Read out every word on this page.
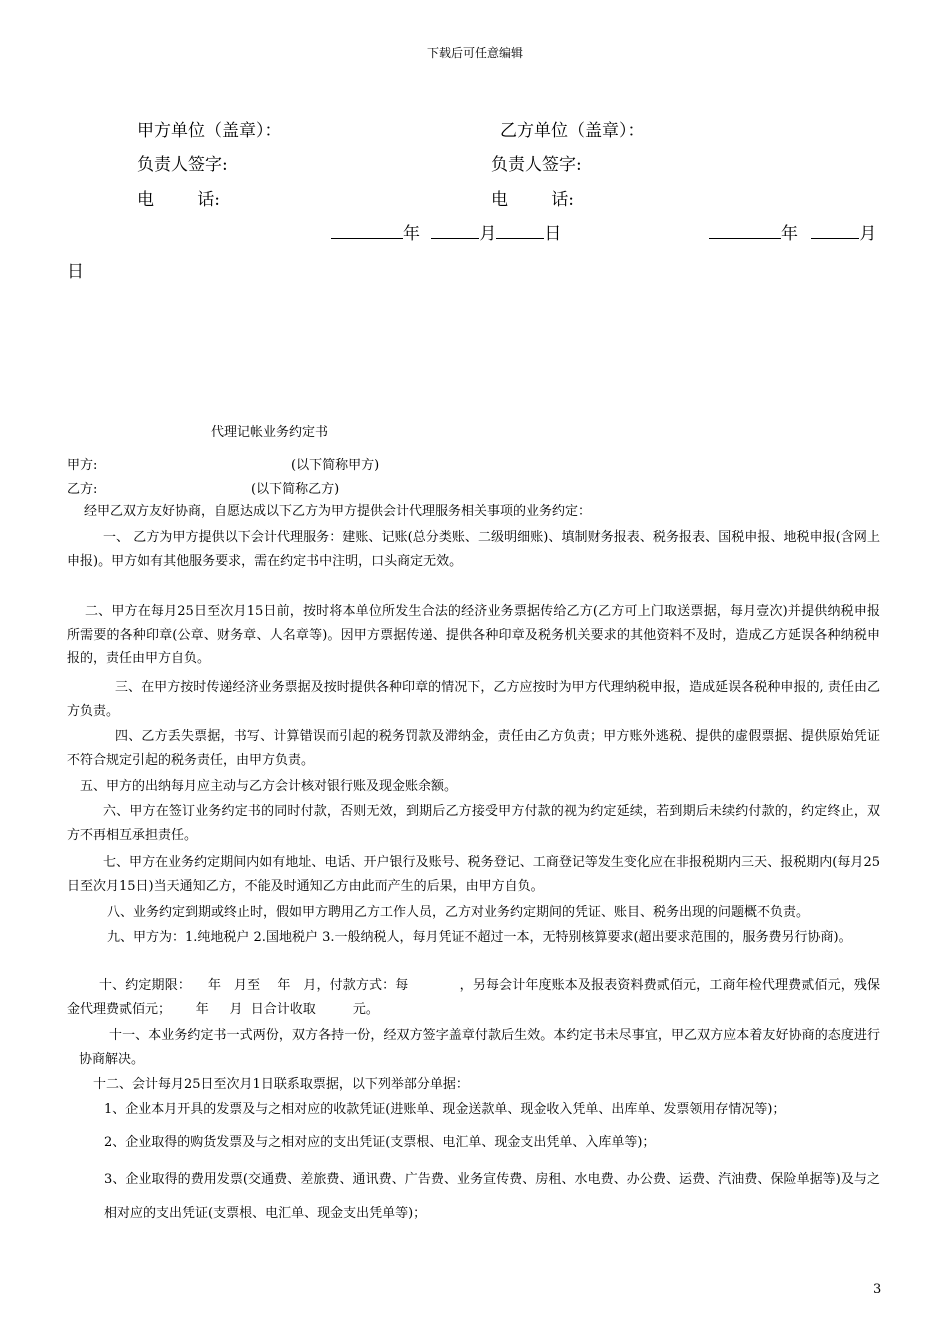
下载后可任意编辑
甲方单位（盖章）：	乙方单位（盖章）：
负责人签字:	负责人签字:
电        话:	电        话:
年	月	日	年	月
日
代理记帐业务约定书
甲方:	(以下简称甲方)
乙方:	(以下简称乙方)
经甲乙双方友好协商，自愿达成以下乙方为甲方提供会计代理服务相关事项的业务约定：
一、 乙方为甲方提供以下会计代理服务：建账、记账(总分类账、二级明细账)、填制财务报表、税务报表、国税申报、地税申报(含网上申报)。甲方如有其他服务要求，需在约定书中注明，口头商定无效。
二、甲方在每月25日至次月15日前，按时将本单位所发生合法的经济业务票据传给乙方(乙方可上门取送票据，每月壹次)并提供纳税申报所需要的各种印章(公章、财务章、人名章等)。因甲方票据传递、提供各种印章及税务机关要求的其他资料不及时，造成乙方延误各种纳税申报的，责任由甲方自负。
三、在甲方按时传递经济业务票据及按时提供各种印章的情况下，乙方应按时为甲方代理纳税申报，造成延误各税种申报的, 责任由乙方负责。
四、乙方丢失票据，书写、计算错误而引起的税务罚款及滞纳金，责任由乙方负责；甲方账外逃税、提供的虚假票据、提供原始凭证不符合规定引起的税务责任，由甲方负责。
五、甲方的出纳每月应主动与乙方会计核对银行账及现金账余额。
六、甲方在签订业务约定书的同时付款，否则无效，到期后乙方接受甲方付款的视为约定延续，若到期后未续约付款的，约定终止，双方不再相互承担责任。
七、甲方在业务约定期间内如有地址、电话、开户银行及账号、税务登记、工商登记等发生变化应在非报税期内三天、报税期内(每月25日至次月15日)当天通知乙方，不能及时通知乙方由此而产生的后果，由甲方自负。
八、业务约定到期或终止时，假如甲方聘用乙方工作人员，乙方对业务约定期间的凭证、账目、税务出现的问题概不负责。
九、甲方为：1.纯地税户 2.国地税户 3.一般纳税人，每月凭证不超过一本，无特别核算要求(超出要求范围的，服务费另行协商)。
十、约定期限：    年   月至    年   月，付款方式：每            ，另每会计年度账本及报表资料费贰佰元，工商年检代理费贰佰元，残保金代理费贰佰元；      年     月  日合计收取         元。
十一、本业务约定书一式两份，双方各持一份，经双方签字盖章付款后生效。本约定书未尽事宜，甲乙双方应本着友好协商的态度进行协商解决。
十二、会计每月25日至次月1日联系取票据，以下列举部分单据：
1、企业本月开具的发票及与之相对应的收款凭证(进账单、现金送款单、现金收入凭单、出库单、发票领用存情况等)；
2、企业取得的购货发票及与之相对应的支出凭证(支票根、电汇单、现金支出凭单、入库单等)；
3、企业取得的费用发票(交通费、差旅费、通讯费、广告费、业务宣传费、房租、水电费、办公费、运费、汽油费、保险单据等)及与之相对应的支出凭证(支票根、电汇单、现金支出凭单等)；
3
